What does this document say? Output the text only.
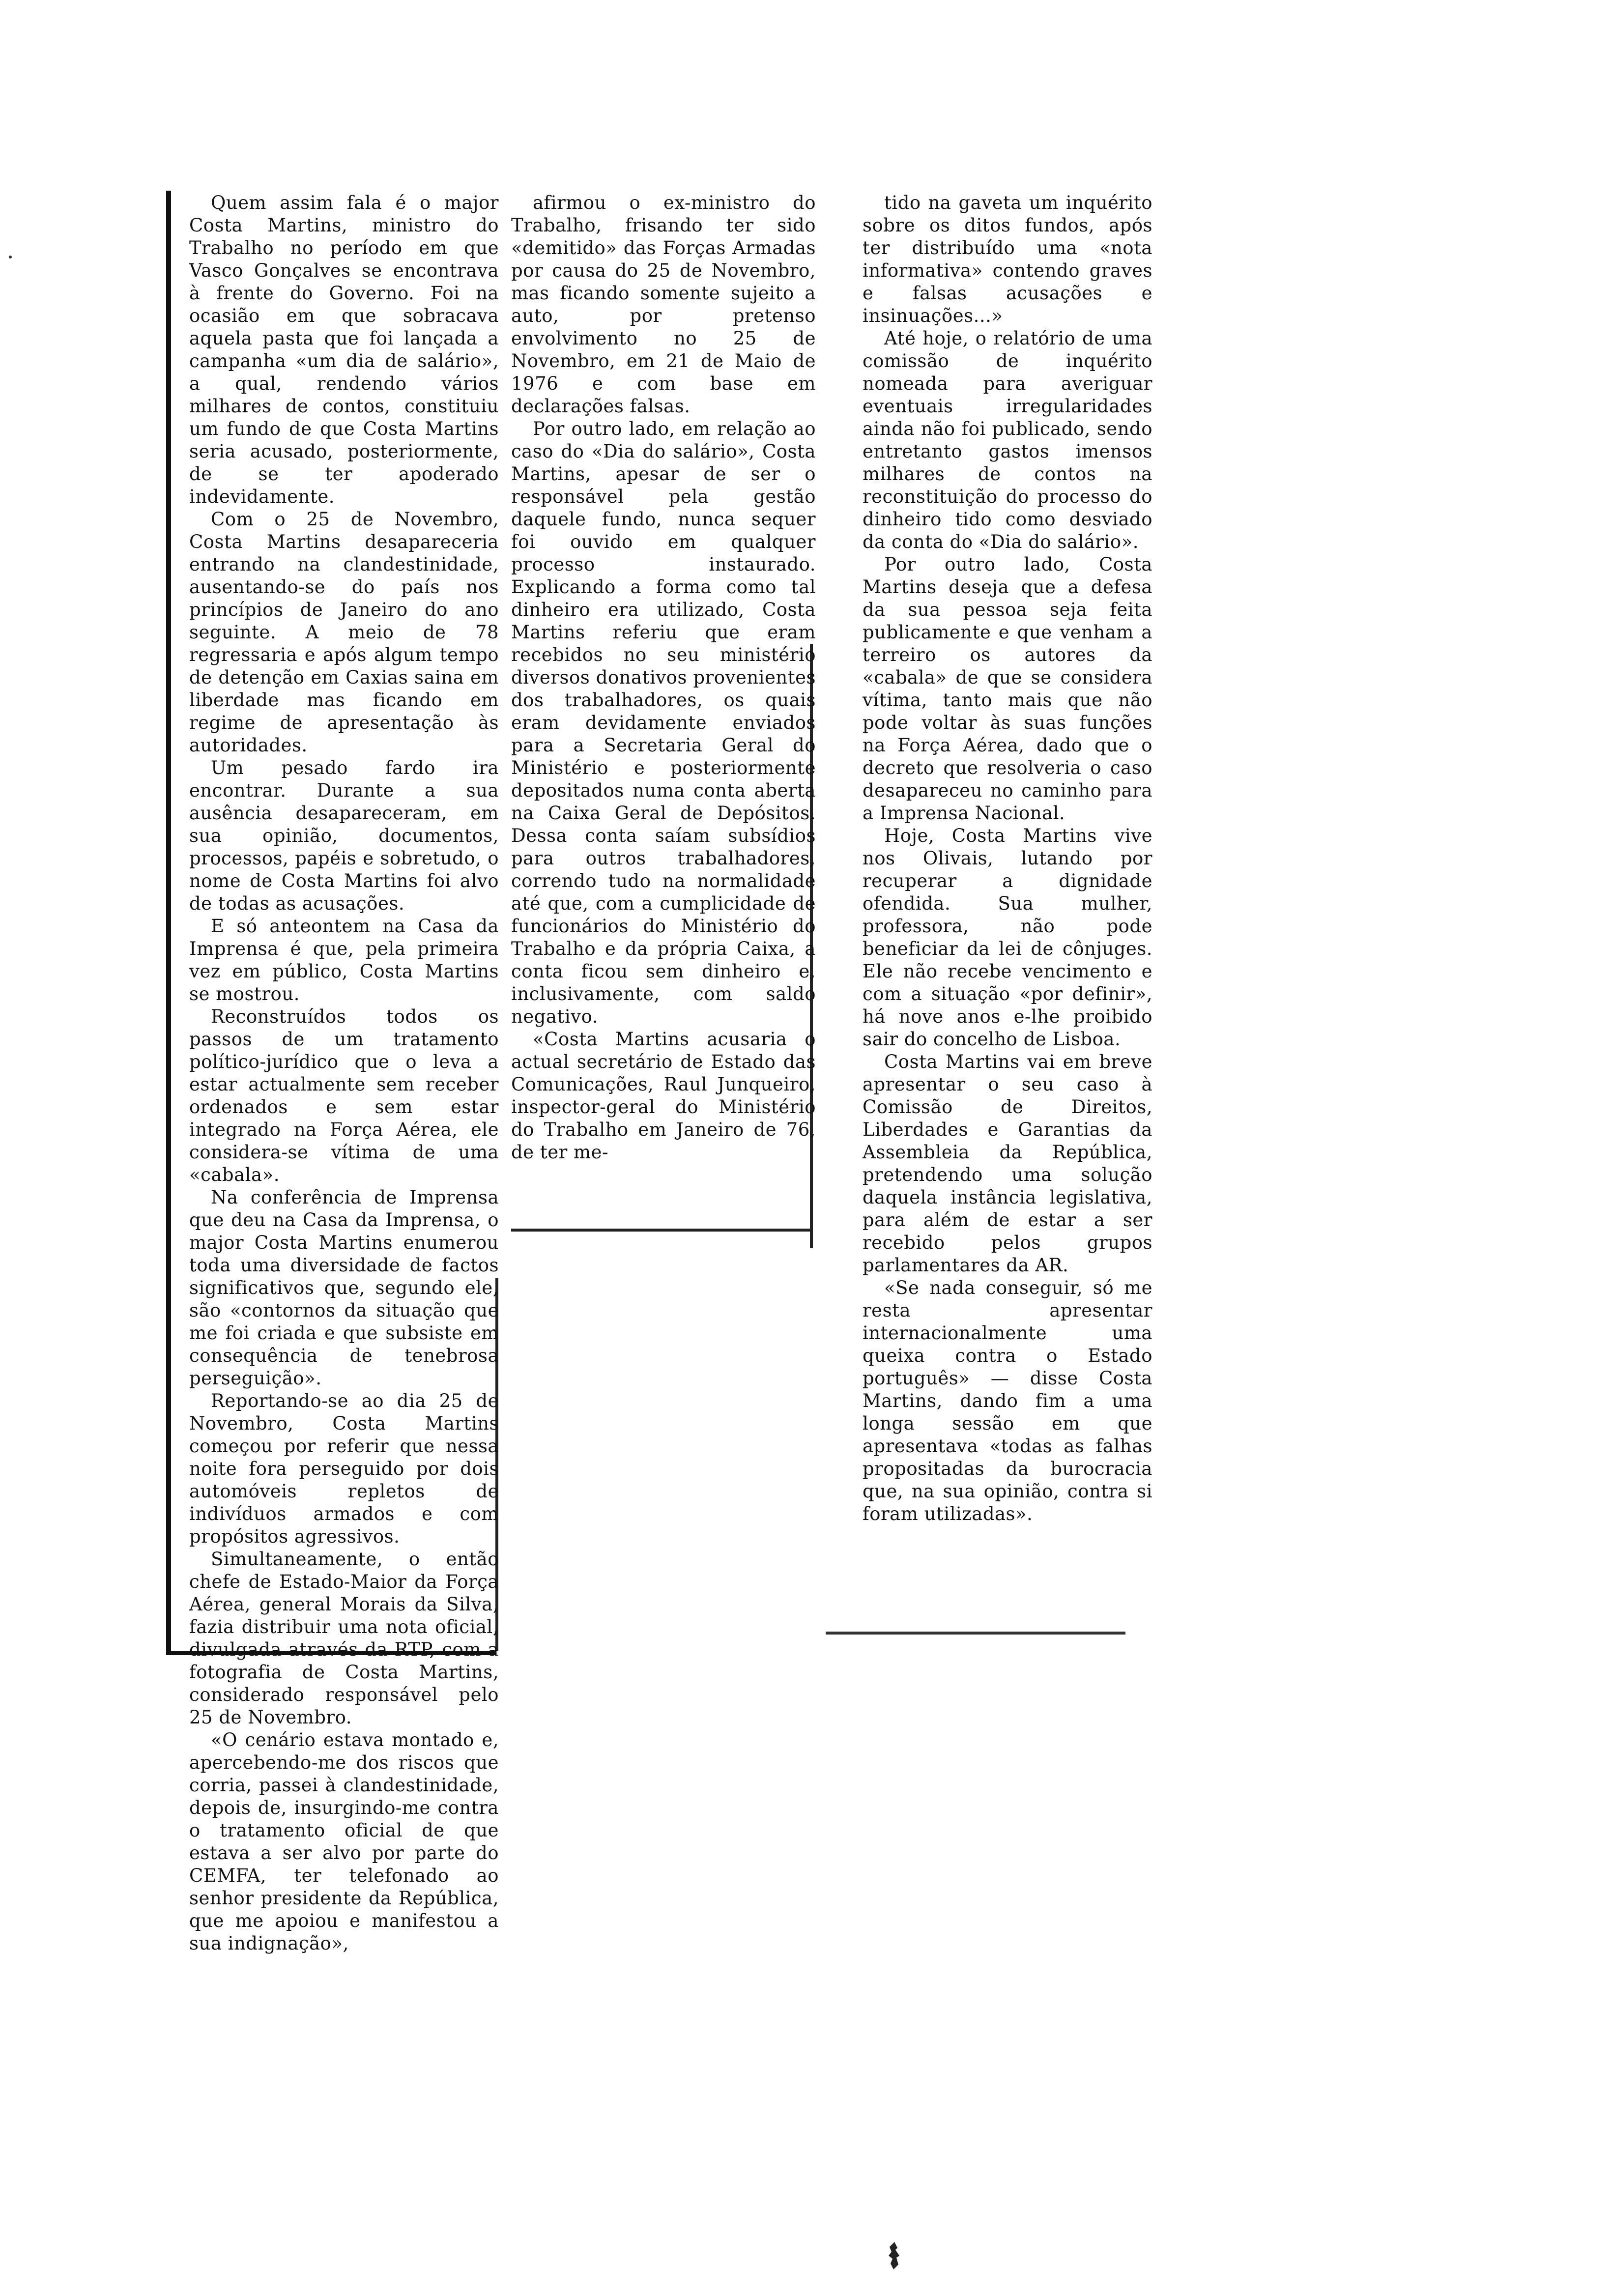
Quem assim fala é o major Costa Martins, ministro do Trabalho no período em que Vasco Gonçalves se encontrava à frente do Governo. Foi na ocasião em que sobracava aquela pasta que foi lançada a campanha «um dia de salário», a qual, rendendo vários milhares de contos, constituiu um fundo de que Costa Martins seria acusado, posteriormente, de se ter apoderado indevidamente.

Com o 25 de Novembro, Costa Martins desapareceria entrando na clandestinidade, ausentando-se do país nos princípios de Janeiro do ano seguinte. A meio de 78 regressaria e após algum tempo de detenção em Caxias saina em liberdade mas ficando em regime de apresentação às autoridades.

Um pesado fardo ira encontrar. Durante a sua ausência desapareceram, em sua opinião, documentos, processos, papéis e sobretudo, o nome de Costa Martins foi alvo de todas as acusações.

E só anteontem na Casa da Imprensa é que, pela primeira vez em público, Costa Martins se mostrou.

Reconstruídos todos os passos de um tratamento político-jurídico que o leva a estar actualmente sem receber ordenados e sem estar integrado na Força Aérea, ele considera-se vítima de uma «cabala».

Na conferência de Imprensa que deu na Casa da Imprensa, o major Costa Martins enumerou toda uma diversidade de factos significativos que, segundo ele, são «contornos da situação que me foi criada e que subsiste em consequência de tenebrosa perseguição».

Reportando-se ao dia 25 de Novembro, Costa Martins começou por referir que nessa noite fora perseguido por dois automóveis repletos de indivíduos armados e com propósitos agressivos.

Simultaneamente, o então chefe de Estado-Maior da Força Aérea, general Morais da Silva, fazia distribuir uma nota oficial, divulgada através da RTP, com a fotografia de Costa Martins, considerado responsável pelo 25 de Novembro.

«O cenário estava montado e, apercebendo-me dos riscos que corria, passei à clandestinidade, depois de, insurgindo-me contra o tratamento oficial de que estava a ser alvo por parte do CEMFA, ter telefonado ao senhor presidente da República, que me apoiou e manifestou a sua indignação»,

afirmou o ex-ministro do Trabalho, frisando ter sido «demitido» das Forças Armadas por causa do 25 de Novembro, mas ficando somente sujeito a auto, por pretenso envolvimento no 25 de Novembro, em 21 de Maio de 1976 e com base em declarações falsas.

Por outro lado, em relação ao caso do «Dia do salário», Costa Martins, apesar de ser o responsável pela gestão daquele fundo, nunca sequer foi ouvido em qualquer processo instaurado. Explicando a forma como tal dinheiro era utilizado, Costa Martins referiu que eram recebidos no seu ministério diversos donativos provenientes dos trabalhadores, os quais eram devidamente enviados para a Secretaria Geral do Ministério e posteriormente depositados numa conta aberta na Caixa Geral de Depósitos. Dessa conta saíam subsídios para outros trabalhadores, correndo tudo na normalidade até que, com a cumplicidade de funcionários do Ministério do Trabalho e da própria Caixa, a conta ficou sem dinheiro e, inclusivamente, com saldo negativo.

«Costa Martins acusaria o actual secretário de Estado das Comunicações, Raul Junqueiro, inspector-geral do Ministério do Trabalho em Janeiro de 76, de ter me-

tido na gaveta um inquérito sobre os ditos fundos, após ter distribuído uma «nota informativa» contendo graves e falsas acusações e insinuações...»

Até hoje, o relatório de uma comissão de inquérito nomeada para averiguar eventuais irregularidades ainda não foi publicado, sendo entretanto gastos imensos milhares de contos na reconstituição do processo do dinheiro tido como desviado da conta do «Dia do salário».

Por outro lado, Costa Martins deseja que a defesa da sua pessoa seja feita publicamente e que venham a terreiro os autores da «cabala» de que se considera vítima, tanto mais que não pode voltar às suas funções na Força Aérea, dado que o decreto que resolveria o caso desapareceu no caminho para a Imprensa Nacional.

Hoje, Costa Martins vive nos Olivais, lutando por recuperar a dignidade ofendida. Sua mulher, professora, não pode beneficiar da lei de cônjuges. Ele não recebe vencimento e com a situação «por definir», há nove anos e-lhe proibido sair do concelho de Lisboa.

Costa Martins vai em breve apresentar o seu caso à Comissão de Direitos, Liberdades e Garantias da Assembleia da República, pretendendo uma solução daquela instância legislativa, para além de estar a ser recebido pelos grupos parlamentares da AR.

«Se nada conseguir, só me resta apresentar internacionalmente uma queixa contra o Estado português» — disse Costa Martins, dando fim a uma longa sessão em que apresentava «todas as falhas propositadas da burocracia que, na sua opinião, contra si foram utilizadas».
